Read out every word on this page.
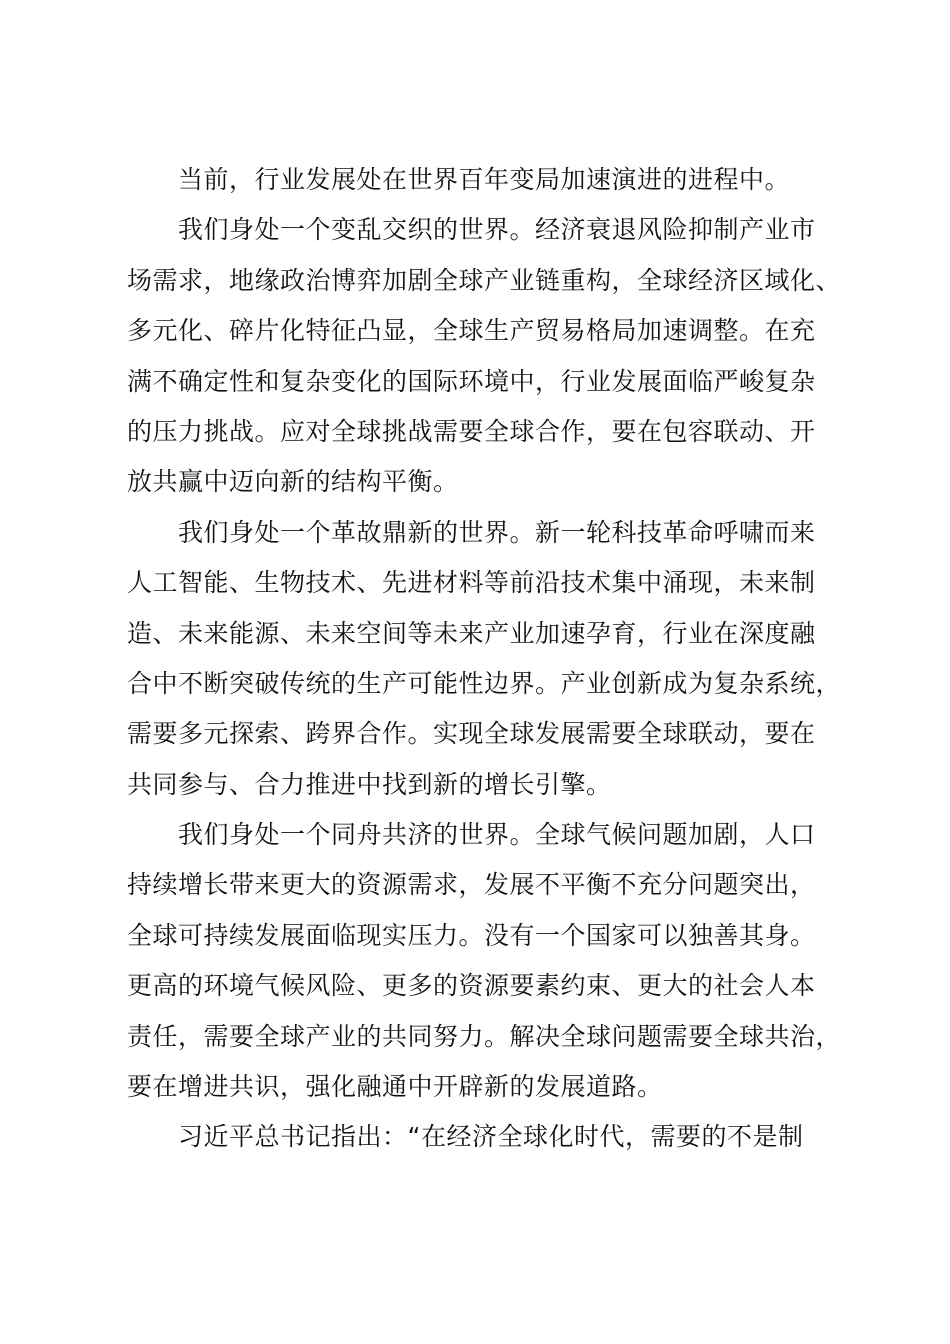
当前，行业发展处在世界百年变局加速演进的进程中。
我们身处一个变乱交织的世界。经济衰退风险抑制产业市
场需求，地缘政治博弈加剧全球产业链重构，全球经济区域化、
多元化、碎片化特征凸显，全球生产贸易格局加速调整。在充
满不确定性和复杂变化的国际环境中，行业发展面临严峻复杂
的压力挑战。应对全球挑战需要全球合作，要在包容联动、开
放共赢中迈向新的结构平衡。
我们身处一个革故鼎新的世界。新一轮科技革命呼啸而来
人工智能、生物技术、先进材料等前沿技术集中涌现，未来制
造、未来能源、未来空间等未来产业加速孕育，行业在深度融
合中不断突破传统的生产可能性边界。产业创新成为复杂系统，
需要多元探索、跨界合作。实现全球发展需要全球联动，要在
共同参与、合力推进中找到新的增长引擎。
我们身处一个同舟共济的世界。全球气候问题加剧，人口
持续增长带来更大的资源需求，发展不平衡不充分问题突出，
全球可持续发展面临现实压力。没有一个国家可以独善其身。
更高的环境气候风险、更多的资源要素约束、更大的社会人本
责任，需要全球产业的共同努力。解决全球问题需要全球共治，
要在增进共识，强化融通中开辟新的发展道路。
习近平总书记指出：“在经济全球化时代，需要的不是制
